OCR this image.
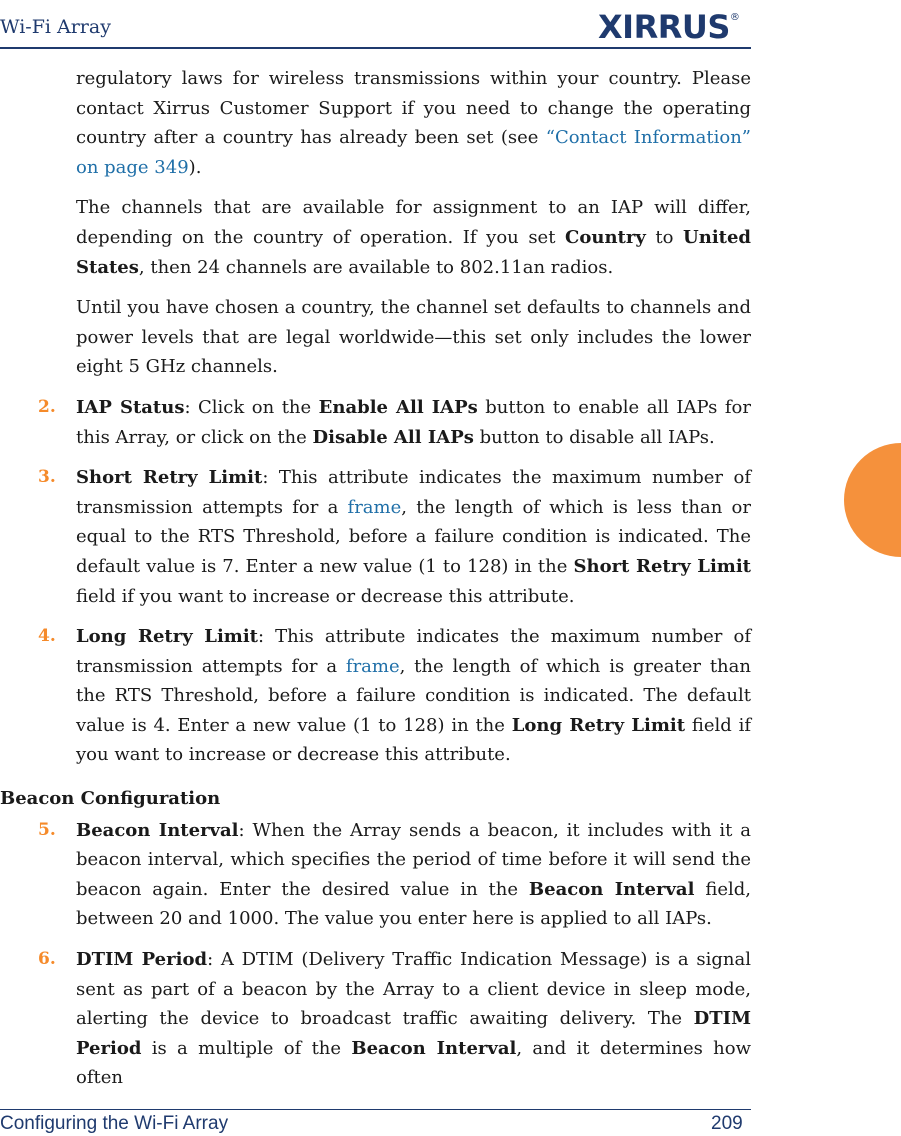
Wi-Fi Array	XIRRUS®

regulatory laws for wireless transmissions within your country. Please contact Xirrus Customer Support if you need to change the operating country after a country has already been set (see “Contact Information” on page 349).

The channels that are available for assignment to an IAP will differ, depending on the country of operation. If you set Country to United States, then 24 channels are available to 802.11an radios.

Until you have chosen a country, the channel set defaults to channels and power levels that are legal worldwide—this set only includes the lower eight 5 GHz channels.

2. IAP Status: Click on the Enable All IAPs button to enable all IAPs for this Array, or click on the Disable All IAPs button to disable all IAPs.

3. Short Retry Limit: This attribute indicates the maximum number of transmission attempts for a frame, the length of which is less than or equal to the RTS Threshold, before a failure condition is indicated. The default value is 7. Enter a new value (1 to 128) in the Short Retry Limit field if you want to increase or decrease this attribute.

4. Long Retry Limit: This attribute indicates the maximum number of transmission attempts for a frame, the length of which is greater than the RTS Threshold, before a failure condition is indicated. The default value is 4. Enter a new value (1 to 128) in the Long Retry Limit field if you want to increase or decrease this attribute.

Beacon Configuration

5. Beacon Interval: When the Array sends a beacon, it includes with it a beacon interval, which specifies the period of time before it will send the beacon again. Enter the desired value in the Beacon Interval field, between 20 and 1000. The value you enter here is applied to all IAPs.

6. DTIM Period: A DTIM (Delivery Traffic Indication Message) is a signal sent as part of a beacon by the Array to a client device in sleep mode, alerting the device to broadcast traffic awaiting delivery. The DTIM Period is a multiple of the Beacon Interval, and it determines how often

Configuring the Wi-Fi Array	209
